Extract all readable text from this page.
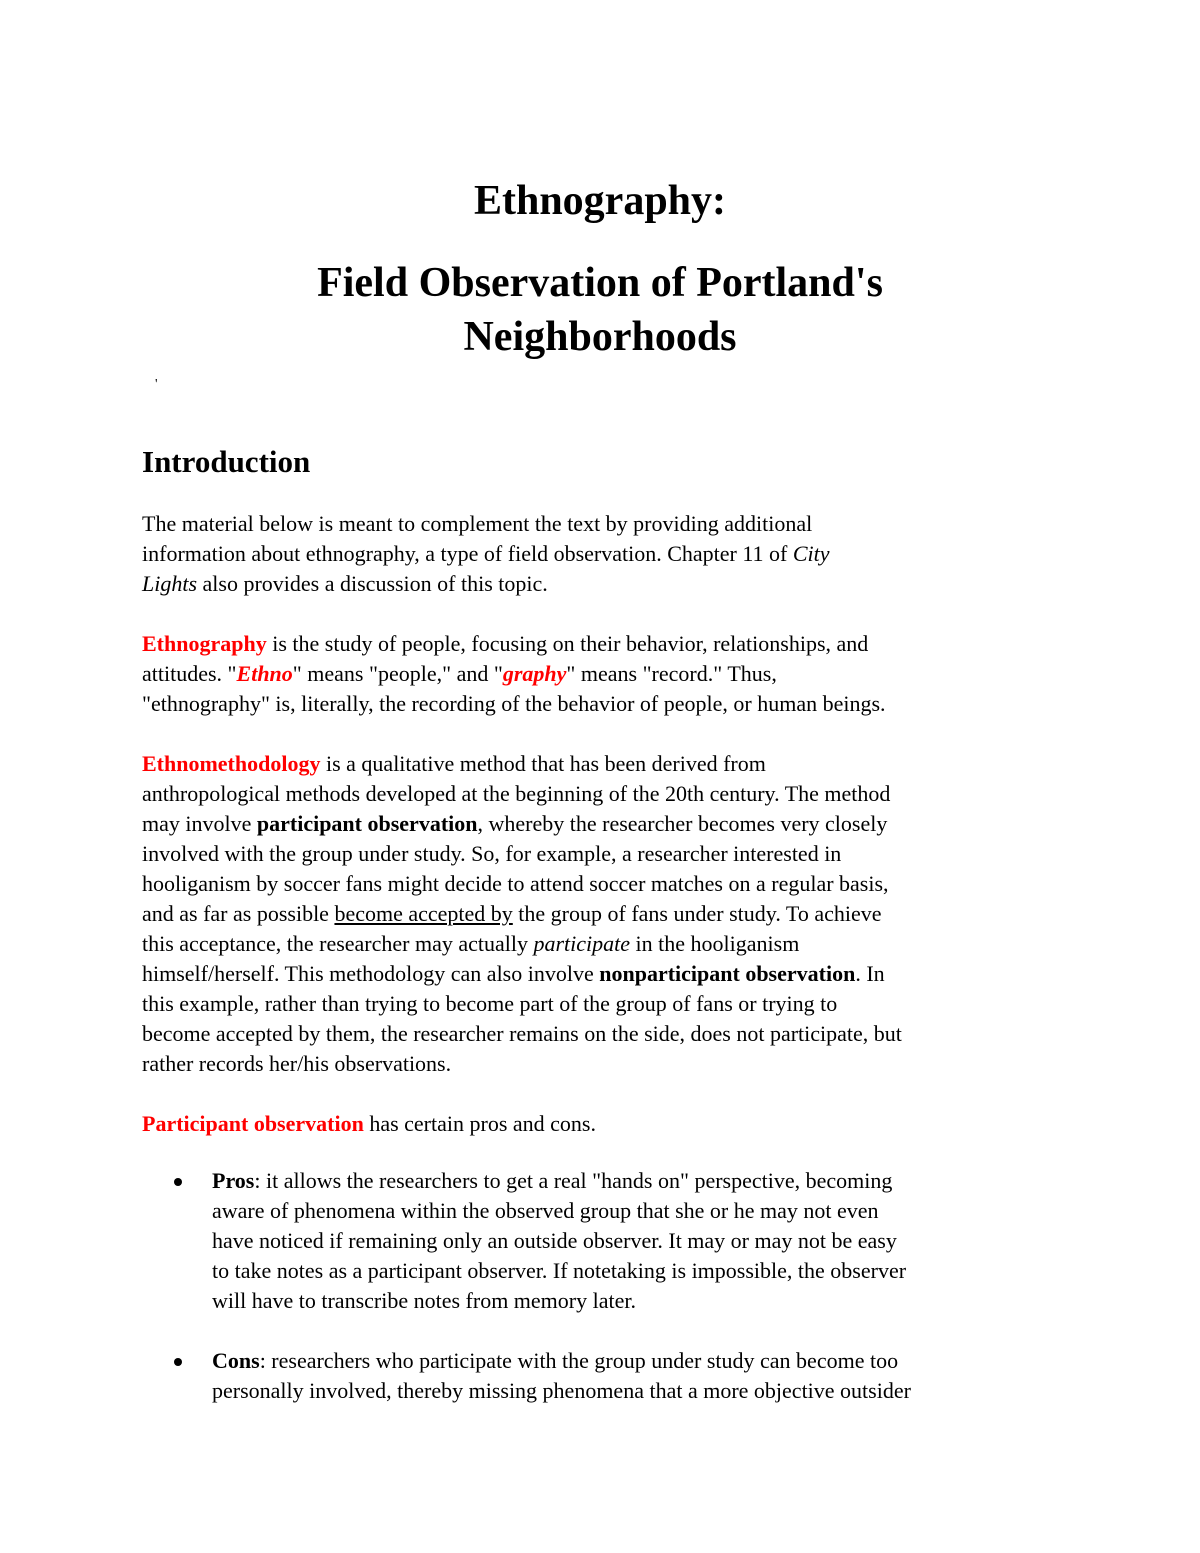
Ethnography:
Field Observation of Portland's
Neighborhoods
'
Introduction

The material below is meant to complement the text by providing additional
information about ethnography, a type of field observation. Chapter 11 of City
Lights also provides a discussion of this topic.

Ethnography is the study of people, focusing on their behavior, relationships, and
attitudes. "Ethno" means "people," and "graphy" means "record." Thus,
"ethnography" is, literally, the recording of the behavior of people, or human beings.

Ethnomethodology is a qualitative method that has been derived from
anthropological methods developed at the beginning of the 20th century. The method
may involve participant observation, whereby the researcher becomes very closely
involved with the group under study. So, for example, a researcher interested in
hooliganism by soccer fans might decide to attend soccer matches on a regular basis,
and as far as possible become accepted by the group of fans under study. To achieve
this acceptance, the researcher may actually participate in the hooliganism
himself/herself. This methodology can also involve nonparticipant observation. In
this example, rather than trying to become part of the group of fans or trying to
become accepted by them, the researcher remains on the side, does not participate, but
rather records her/his observations.

Participant observation has certain pros and cons.

Pros: it allows the researchers to get a real "hands on" perspective, becoming
aware of phenomena within the observed group that she or he may not even
have noticed if remaining only an outside observer. It may or may not be easy
to take notes as a participant observer. If notetaking is impossible, the observer
will have to transcribe notes from memory later.
Cons: researchers who participate with the group under study can become too
personally involved, thereby missing phenomena that a more objective outsider
